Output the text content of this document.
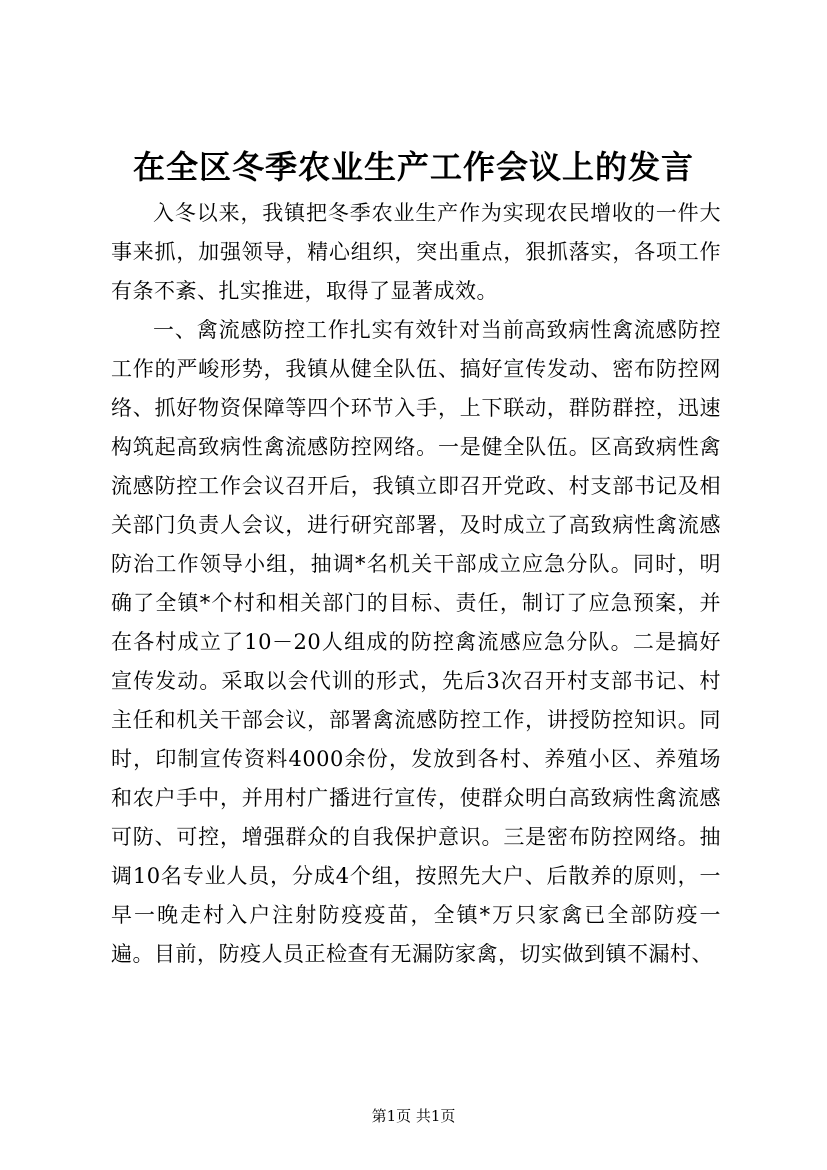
在全区冬季农业生产工作会议上的发言

入冬以来，我镇把冬季农业生产作为实现农民增收的一件大事来抓，加强领导，精心组织，突出重点，狠抓落实，各项工作有条不紊、扎实推进，取得了显著成效。

一、禽流感防控工作扎实有效针对当前高致病性禽流感防控工作的严峻形势，我镇从健全队伍、搞好宣传发动、密布防控网络、抓好物资保障等四个环节入手，上下联动，群防群控，迅速构筑起高致病性禽流感防控网络。一是健全队伍。区高致病性禽流感防控工作会议召开后，我镇立即召开党政、村支部书记及相关部门负责人会议，进行研究部署，及时成立了高致病性禽流感防治工作领导小组，抽调*名机关干部成立应急分队。同时，明确了全镇*个村和相关部门的目标、责任，制订了应急预案，并在各村成立了10－20人组成的防控禽流感应急分队。二是搞好宣传发动。采取以会代训的形式，先后3次召开村支部书记、村主任和机关干部会议，部署禽流感防控工作，讲授防控知识。同时，印制宣传资料4000余份，发放到各村、养殖小区、养殖场和农户手中，并用村广播进行宣传，使群众明白高致病性禽流感可防、可控，增强群众的自我保护意识。三是密布防控网络。抽调10名专业人员，分成4个组，按照先大户、后散养的原则，一早一晚走村入户注射防疫疫苗，全镇*万只家禽已全部防疫一遍。目前，防疫人员正检查有无漏防家禽，切实做到镇不漏村、

第1页 共1页
